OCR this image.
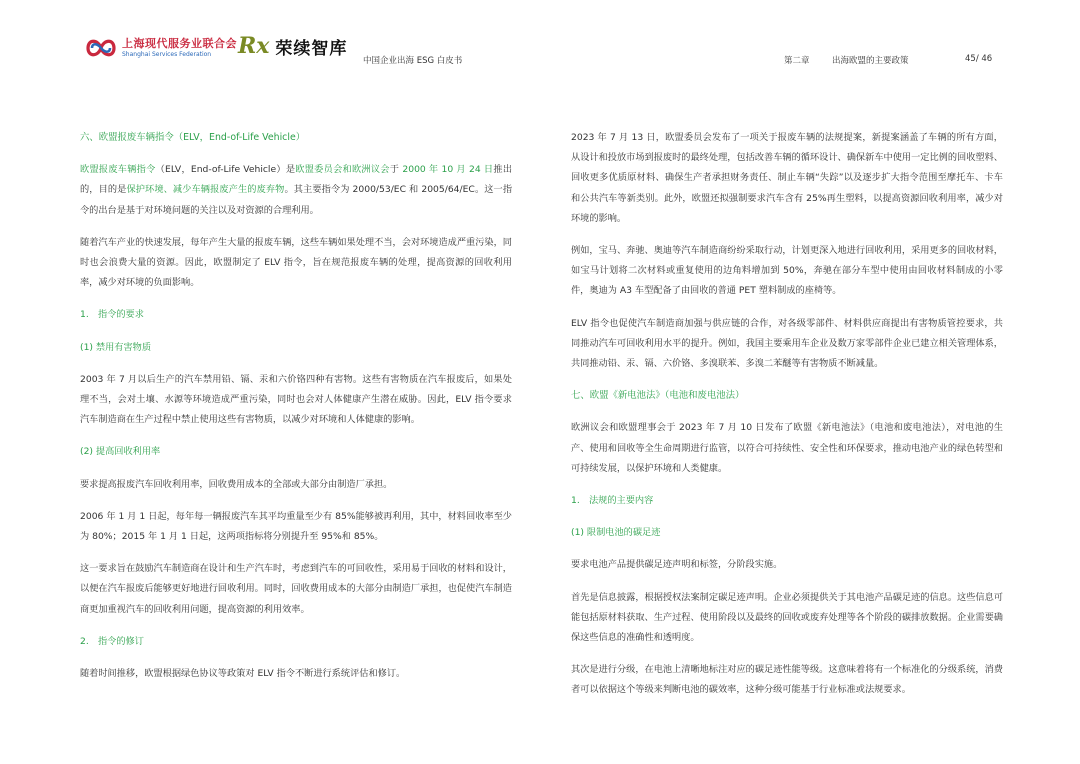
上海现代服务业联合会
Shanghai Services Federation	Rx 荣续智库
中国企业出海 ESG 白皮书	第二章	出海欧盟的主要政策	45/ 46
六、欧盟报废车辆指令（ELV，End-of-Life Vehicle）

欧盟报废车辆指令（ELV，End-of-Life Vehicle）是欧盟委员会和欧洲议会于 2000 年 10 月 24 日推出的，目的是保护环境、减少车辆报废产生的废弃物。其主要指令为 2000/53/EC 和 2005/64/EC。这一指令的出台是基于对环境问题的关注以及对资源的合理利用。

随着汽车产业的快速发展，每年产生大量的报废车辆，这些车辆如果处理不当，会对环境造成严重污染，同时也会浪费大量的资源。因此，欧盟制定了 ELV 指令，旨在规范报废车辆的处理，提高资源的回收利用率，减少对环境的负面影响。

1.　指令的要求
(1) 禁用有害物质

2003 年 7 月以后生产的汽车禁用铅、镉、汞和六价铬四种有害物。这些有害物质在汽车报废后，如果处理不当，会对土壤、水源等环境造成严重污染，同时也会对人体健康产生潜在威胁。因此，ELV 指令要求汽车制造商在生产过程中禁止使用这些有害物质，以减少对环境和人体健康的影响。

(2) 提高回收利用率

要求提高报废汽车回收利用率，回收费用成本的全部或大部分由制造厂承担。

2006 年 1 月 1 日起，每年每一辆报废汽车其平均重量至少有 85%能够被再利用，其中，材料回收率至少为 80%；2015 年 1 月 1 日起，这两项指标将分别提升至 95%和 85%。

这一要求旨在鼓励汽车制造商在设计和生产汽车时，考虑到汽车的可回收性，采用易于回收的材料和设计，以便在汽车报废后能够更好地进行回收利用。同时，回收费用成本的大部分由制造厂承担，也促使汽车制造商更加重视汽车的回收利用问题，提高资源的利用效率。

2.　指令的修订

随着时间推移，欧盟根据绿色协议等政策对 ELV 指令不断进行系统评估和修订。

2023 年 7 月 13 日，欧盟委员会发布了一项关于报废车辆的法规提案，新提案涵盖了车辆的所有方面，从设计和投放市场到报废时的最终处理，包括改善车辆的循环设计、确保新车中使用一定比例的回收塑料、回收更多优质原材料、确保生产者承担财务责任、制止车辆“失踪”以及逐步扩大指令范围至摩托车、卡车和公共汽车等新类别。此外，欧盟还拟强制要求汽车含有 25%再生塑料，以提高资源回收利用率，减少对环境的影响。

例如，宝马、奔驰、奥迪等汽车制造商纷纷采取行动，计划更深入地进行回收利用，采用更多的回收材料，如宝马计划将二次材料或重复使用的边角料增加到 50%，奔驰在部分车型中使用由回收材料制成的小零件，奥迪为 A3 车型配备了由回收的普通 PET 塑料制成的座椅等。

ELV 指令也促使汽车制造商加强与供应链的合作，对各级零部件、材料供应商提出有害物质管控要求，共同推动汽车可回收利用水平的提升。例如，我国主要乘用车企业及数万家零部件企业已建立相关管理体系，共同推动铅、汞、镉、六价铬、多溴联苯、多溴二苯醚等有害物质不断减量。

七、欧盟《新电池法》（电池和废电池法）

欧洲议会和欧盟理事会于 2023 年 7 月 10 日发布了欧盟《新电池法》（电池和废电池法），对电池的生产、使用和回收等全生命周期进行监管，以符合可持续性、安全性和环保要求，推动电池产业的绿色转型和可持续发展，以保护环境和人类健康。

1.　法规的主要内容
(1) 限制电池的碳足迹

要求电池产品提供碳足迹声明和标签，分阶段实施。

首先是信息披露，根据授权法案制定碳足迹声明。企业必须提供关于其电池产品碳足迹的信息。这些信息可能包括原材料获取、生产过程、使用阶段以及最终的回收或废弃处理等各个阶段的碳排放数据。企业需要确保这些信息的准确性和透明度。

其次是进行分级，在电池上清晰地标注对应的碳足迹性能等级。这意味着将有一个标准化的分级系统，消费者可以依据这个等级来判断电池的碳效率，这种分级可能基于行业标准或法规要求。
